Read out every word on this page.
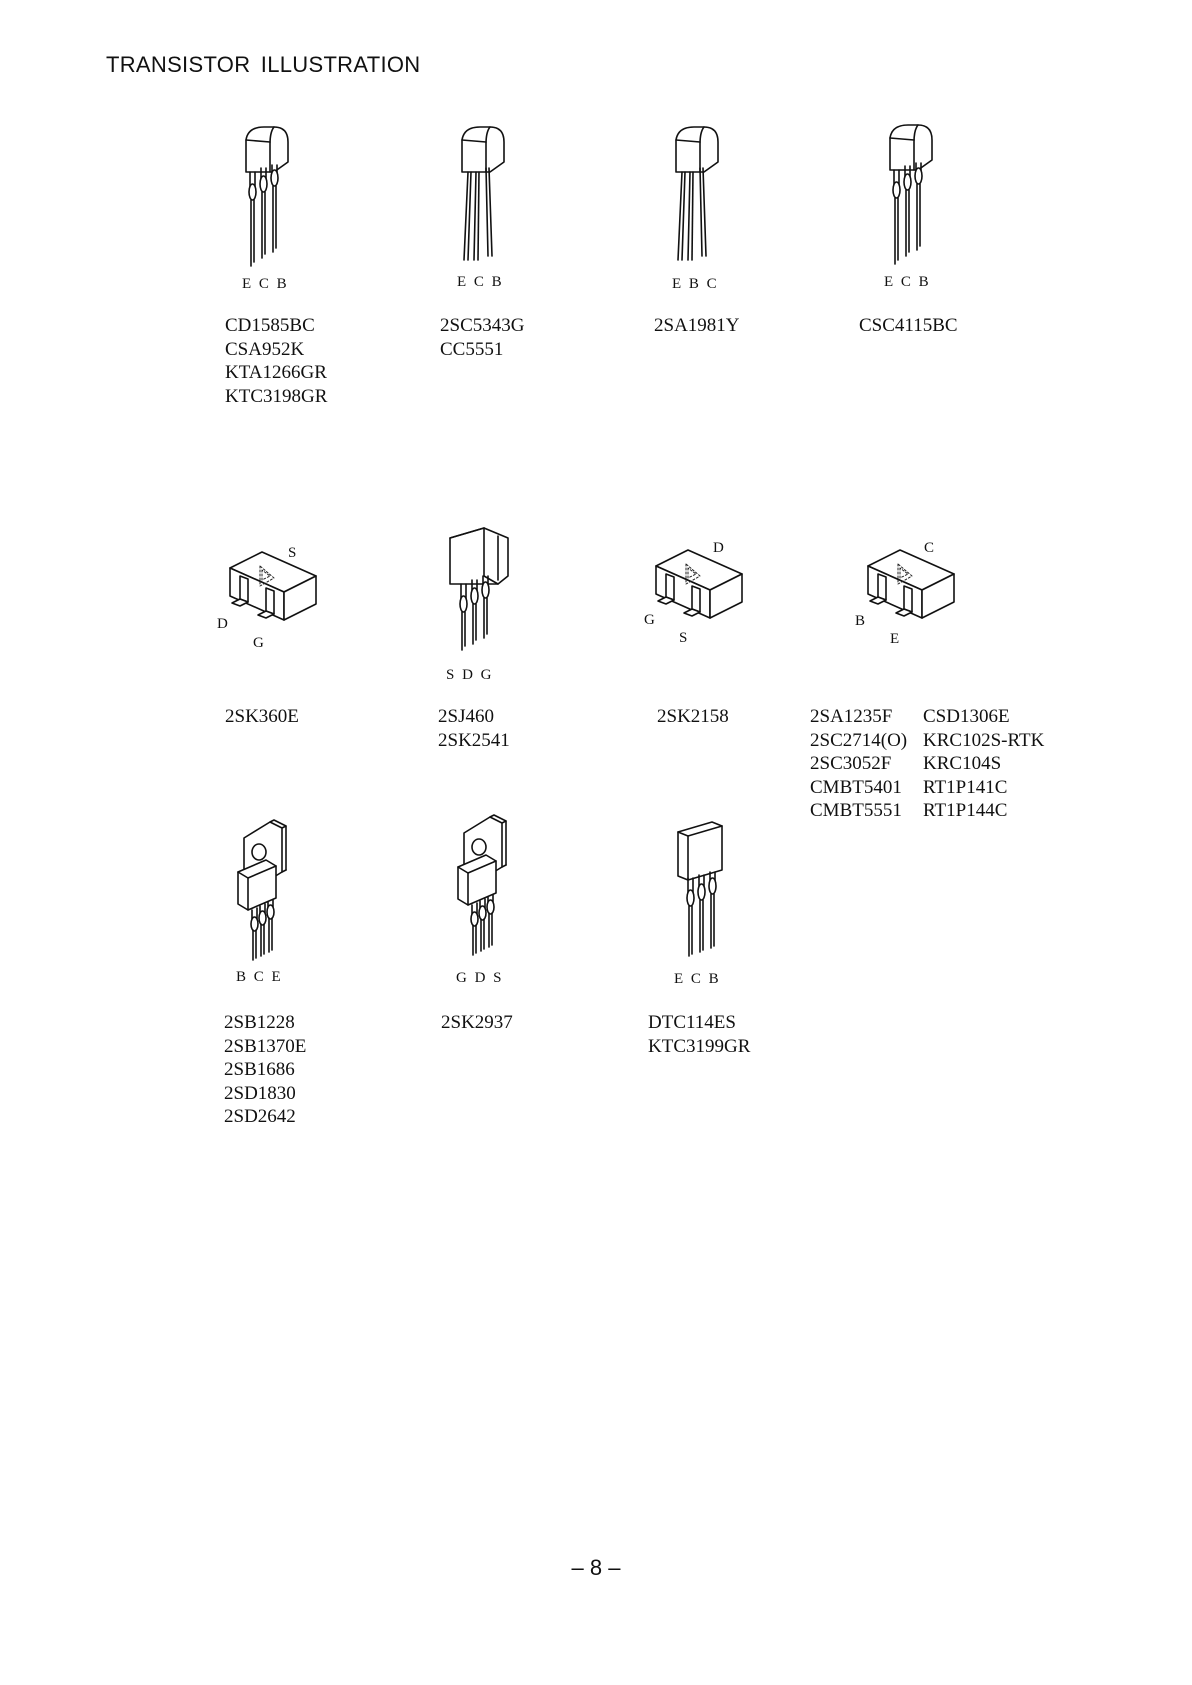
TRANSISTOR ILLUSTRATION
E C B
CD1585BC
CSA952K
KTA1266GR
KTC3198GR
E C B
2SC5343G
CC5551
E B C
2SA1981Y
E C B
CSC4115BC
S
D
G
2SK360E
S D G
2SJ460
2SK2541
D
G
S
2SK2158
C
B
E
2SA1235F
2SC2714(O)
2SC3052F
CMBT5401
CMBT5551
CSD1306E
KRC102S-RTK
KRC104S
RT1P141C
RT1P144C
B C E
2SB1228
2SB1370E
2SB1686
2SD1830
2SD2642
G D S
2SK2937
E C B
DTC114ES
KTC3199GR
– 8 –
